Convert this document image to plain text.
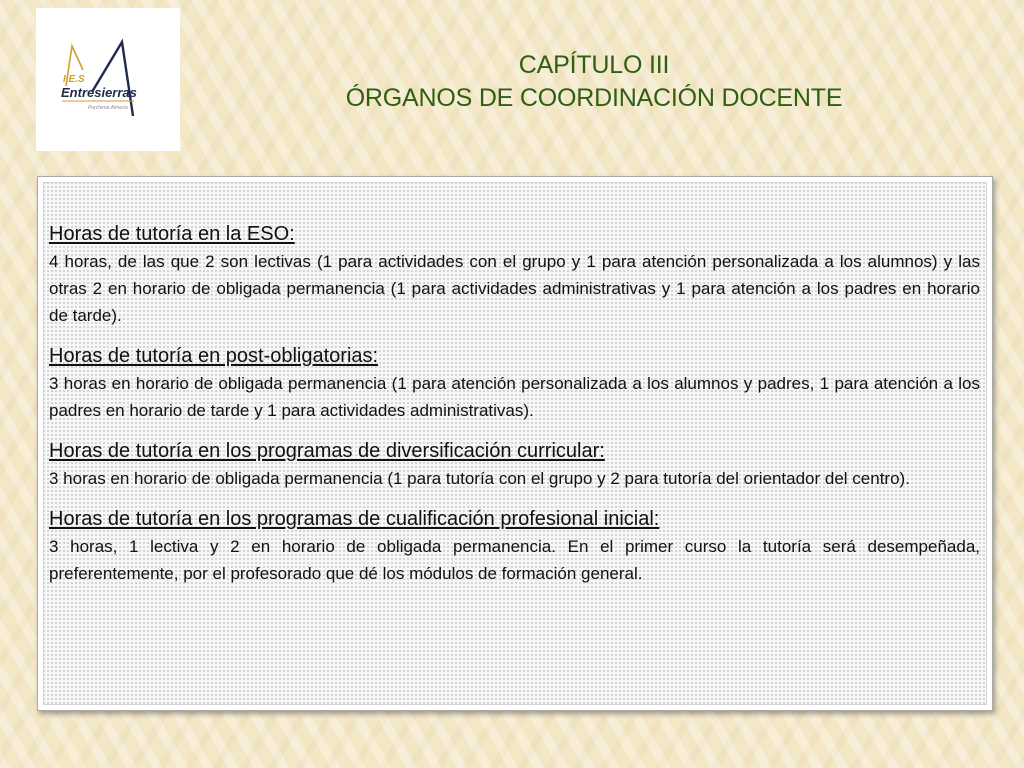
I.E.S
Entresierras
Purchena Almería
CAPÍTULO III
ÓRGANOS DE COORDINACIÓN DOCENTE

Horas de tutoría en la ESO:

4 horas, de las que 2 son lectivas (1 para actividades con el grupo y 1 para atención personalizada a los alumnos) y las otras 2 en horario de obligada permanencia (1 para actividades administrativas y 1 para atención a los padres en horario de tarde).

Horas de tutoría en post-obligatorias:

3 horas en horario de obligada permanencia (1 para atención personalizada a los alumnos y padres, 1 para atención a los padres en horario de tarde y 1 para actividades administrativas).

Horas de tutoría en los programas de diversificación curricular:

3 horas en horario de obligada permanencia (1 para tutoría con el grupo y 2 para tutoría del orientador del centro).

Horas de tutoría en los programas de cualificación profesional inicial:

3 horas, 1 lectiva y 2 en horario de obligada permanencia. En el primer curso la tutoría será desempeñada, preferentemente, por el profesorado que dé los módulos de formación general.
